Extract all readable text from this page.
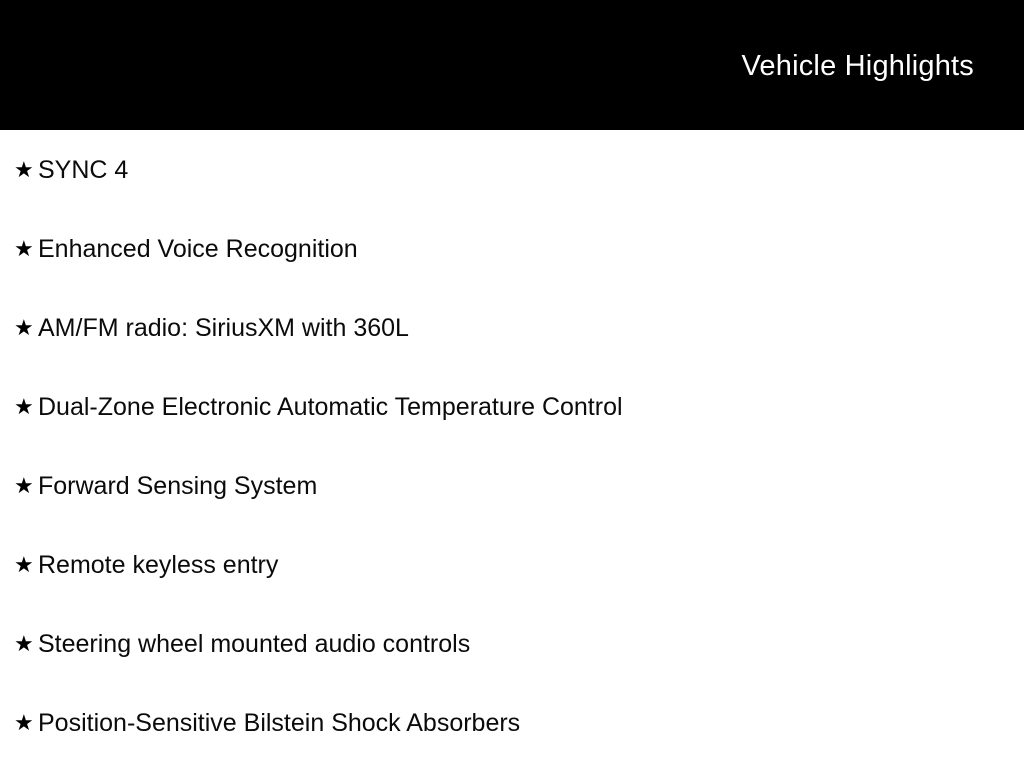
Vehicle Highlights
★ SYNC 4
★ Enhanced Voice Recognition
★ AM/FM radio: SiriusXM with 360L
★ Dual-Zone Electronic Automatic Temperature Control
★ Forward Sensing System
★ Remote keyless entry
★ Steering wheel mounted audio controls
★ Position-Sensitive Bilstein Shock Absorbers
